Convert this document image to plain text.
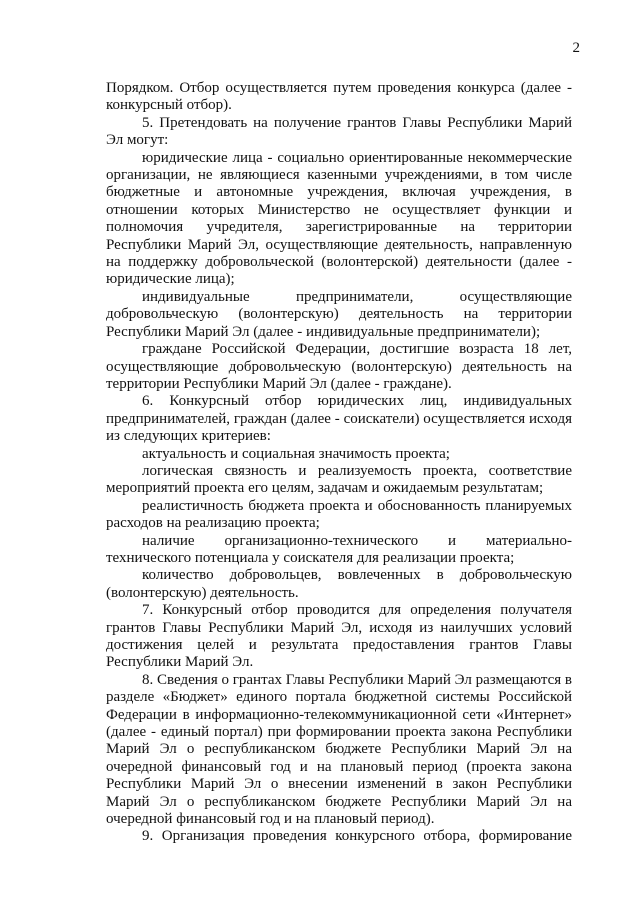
2

Порядком. Отбор осуществляется путем проведения конкурса (далее - конкурсный отбор).

5. Претендовать на получение грантов Главы Республики Марий Эл могут:

юридические лица - социально ориентированные некоммерческие организации, не являющиеся казенными учреждениями, в том числе бюджетные и автономные учреждения, включая учреждения, в отношении которых Министерство не осуществляет функции и полномочия учредителя, зарегистрированные на территории Республики Марий Эл, осуществляющие деятельность, направленную на поддержку добровольческой (волонтерской) деятельности (далее - юридические лица);

индивидуальные предприниматели, осуществляющие добровольческую (волонтерскую) деятельность на территории Республики Марий Эл (далее - индивидуальные предприниматели);

граждане Российской Федерации, достигшие возраста 18 лет, осуществляющие добровольческую (волонтерскую) деятельность на территории Республики Марий Эл (далее - граждане).

6. Конкурсный отбор юридических лиц, индивидуальных предпринимателей, граждан (далее - соискатели) осуществляется исходя из следующих критериев:

актуальность и социальная значимость проекта;

логическая связность и реализуемость проекта, соответствие мероприятий проекта его целям, задачам и ожидаемым результатам;

реалистичность бюджета проекта и обоснованность планируемых расходов на реализацию проекта;

наличие организационно-технического и материально-технического потенциала у соискателя для реализации проекта;

количество добровольцев, вовлеченных в добровольческую (волонтерскую) деятельность.

7. Конкурсный отбор проводится для определения получателя грантов Главы Республики Марий Эл, исходя из наилучших условий достижения целей и результата предоставления грантов Главы Республики Марий Эл.

8. Сведения о грантах Главы Республики Марий Эл размещаются в разделе «Бюджет» единого портала бюджетной системы Российской Федерации в информационно-телекоммуникационной сети «Интернет» (далее - единый портал) при формировании проекта закона Республики Марий Эл о республиканском бюджете Республики Марий Эл на очередной финансовый год и на плановый период (проекта закона Республики Марий Эл о внесении изменений в закон Республики Марий Эл о республиканском бюджете Республики Марий Эл на очередной финансовый год и на плановый период).

9. Организация проведения конкурсного отбора, формирование
